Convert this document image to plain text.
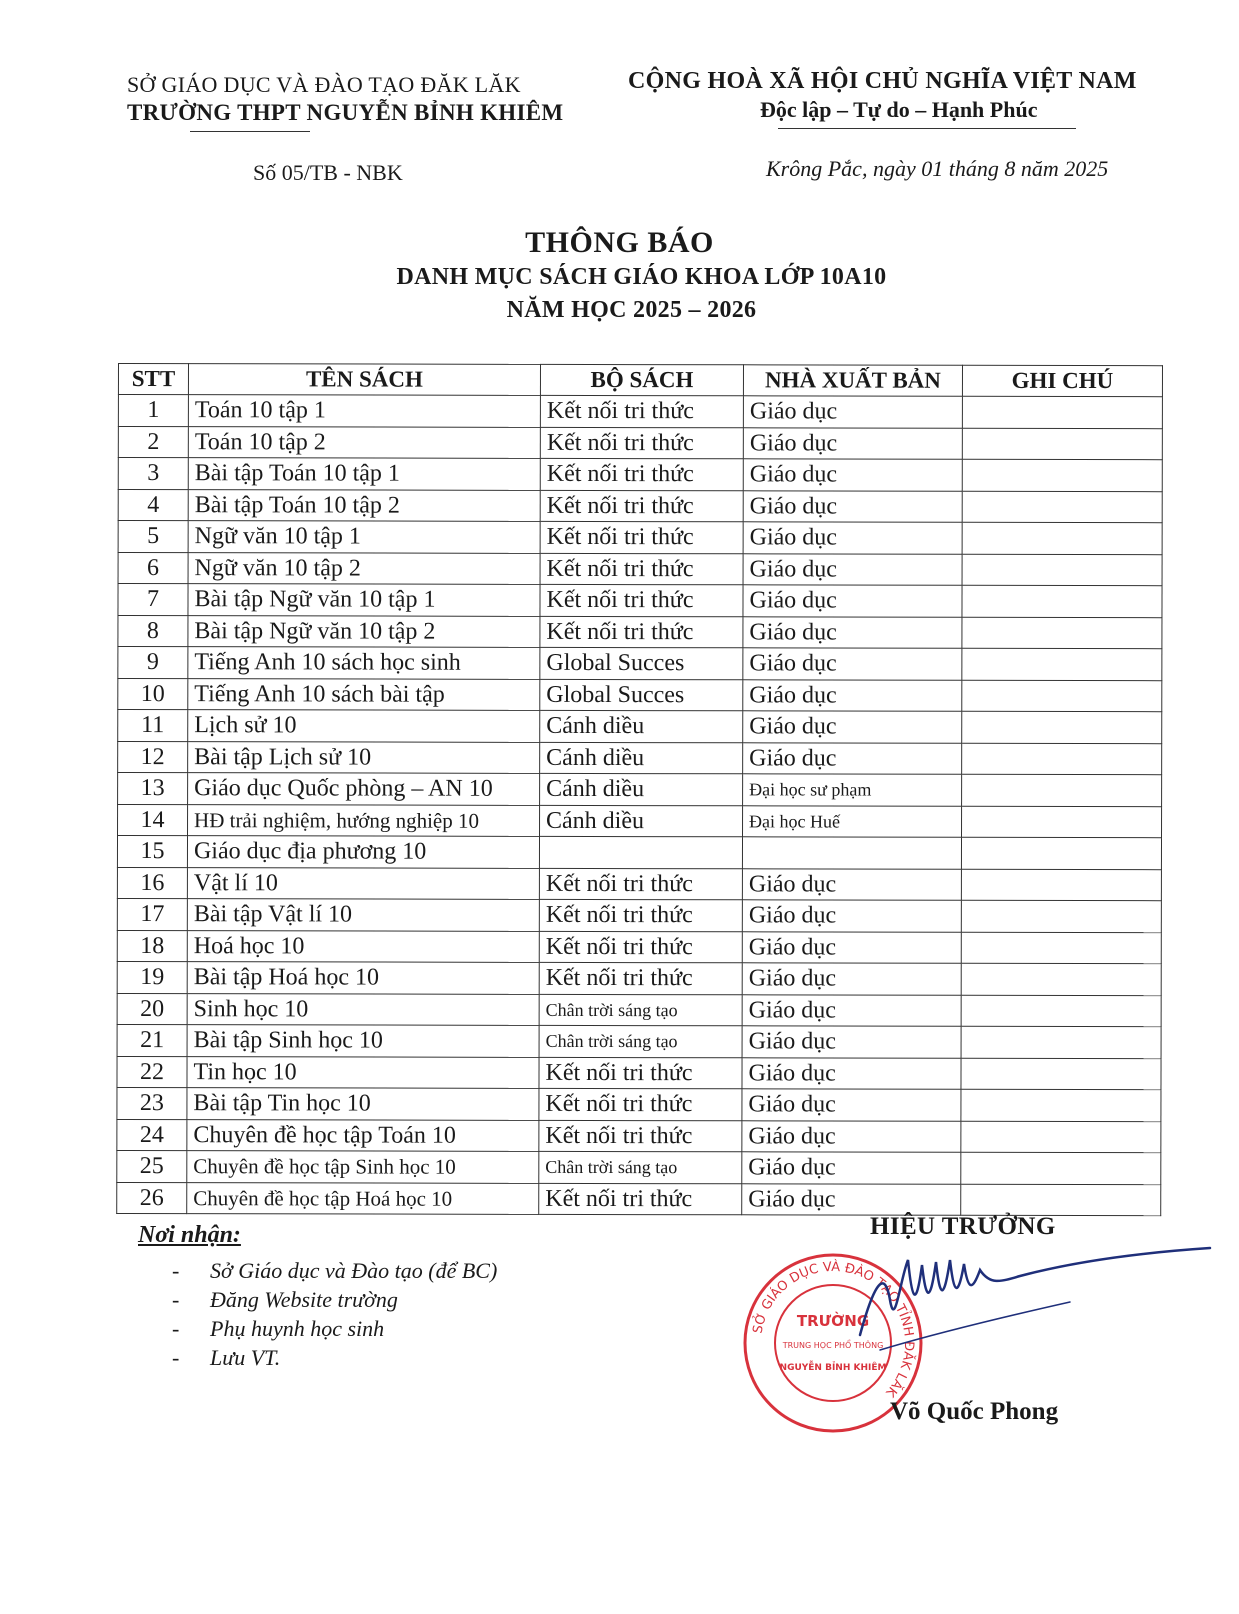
SỞ GIÁO DỤC VÀ ĐÀO TẠO ĐĂK LĂK
TRƯỜNG THPT NGUYỄN BỈNH KHIÊM
CỘNG HOÀ XÃ HỘI CHỦ NGHĨA VIỆT NAM
Độc lập – Tự do – Hạnh Phúc
Số 05/TB - NBK	Krông Pắc, ngày 01 tháng 8 năm 2025
THÔNG BÁO
DANH MỤC SÁCH GIÁO KHOA LỚP 10A10
NĂM HỌC 2025 – 2026
STT	TÊN SÁCH	BỘ SÁCH	NHÀ XUẤT BẢN	GHI CHÚ
1	Toán 10 tập 1	Kết nối tri thức	Giáo dục	
2	Toán 10 tập 2	Kết nối tri thức	Giáo dục	
3	Bài tập Toán 10 tập 1	Kết nối tri thức	Giáo dục	
4	Bài tập Toán 10 tập 2	Kết nối tri thức	Giáo dục	
5	Ngữ văn 10 tập 1	Kết nối tri thức	Giáo dục	
6	Ngữ văn 10 tập 2	Kết nối tri thức	Giáo dục	
7	Bài tập Ngữ văn 10 tập 1	Kết nối tri thức	Giáo dục	
8	Bài tập Ngữ văn 10 tập 2	Kết nối tri thức	Giáo dục	
9	Tiếng Anh 10 sách học sinh	Global Succes	Giáo dục	
10	Tiếng Anh 10 sách bài tập	Global Succes	Giáo dục	
11	Lịch sử 10	Cánh diều	Giáo dục	
12	Bài tập Lịch sử 10	Cánh diều	Giáo dục	
13	Giáo dục Quốc phòng – AN 10	Cánh diều	Đại học sư phạm	
14	HĐ trải nghiệm, hướng nghiệp 10	Cánh diều	Đại học Huế	
15	Giáo dục địa phương 10			
16	Vật lí 10	Kết nối tri thức	Giáo dục	
17	Bài tập Vật lí 10	Kết nối tri thức	Giáo dục	
18	Hoá học 10	Kết nối tri thức	Giáo dục	
19	Bài tập Hoá học 10	Kết nối tri thức	Giáo dục	
20	Sinh học 10	Chân trời sáng tạo	Giáo dục	
21	Bài tập Sinh học 10	Chân trời sáng tạo	Giáo dục	
22	Tin học 10	Kết nối tri thức	Giáo dục	
23	Bài tập Tin học 10	Kết nối tri thức	Giáo dục	
24	Chuyên đề học tập Toán 10	Kết nối tri thức	Giáo dục	
25	Chuyên đề học tập Sinh học 10	Chân trời sáng tạo	Giáo dục	
26	Chuyên đề học tập Hoá học 10	Kết nối tri thức	Giáo dục	
Nơi nhận:
- Sở Giáo dục và Đào tạo (để BC)
- Đăng Website trường
- Phụ huynh học sinh
- Lưu VT.
HIỆU TRƯỞNG
SỞ GIÁO DỤC VÀ ĐÀO TẠO TỈNH ĐĂK LĂK
TRƯỜNG
TRUNG HỌC PHỔ THÔNG
NGUYỄN BỈNH KHIÊM
Võ Quốc Phong
